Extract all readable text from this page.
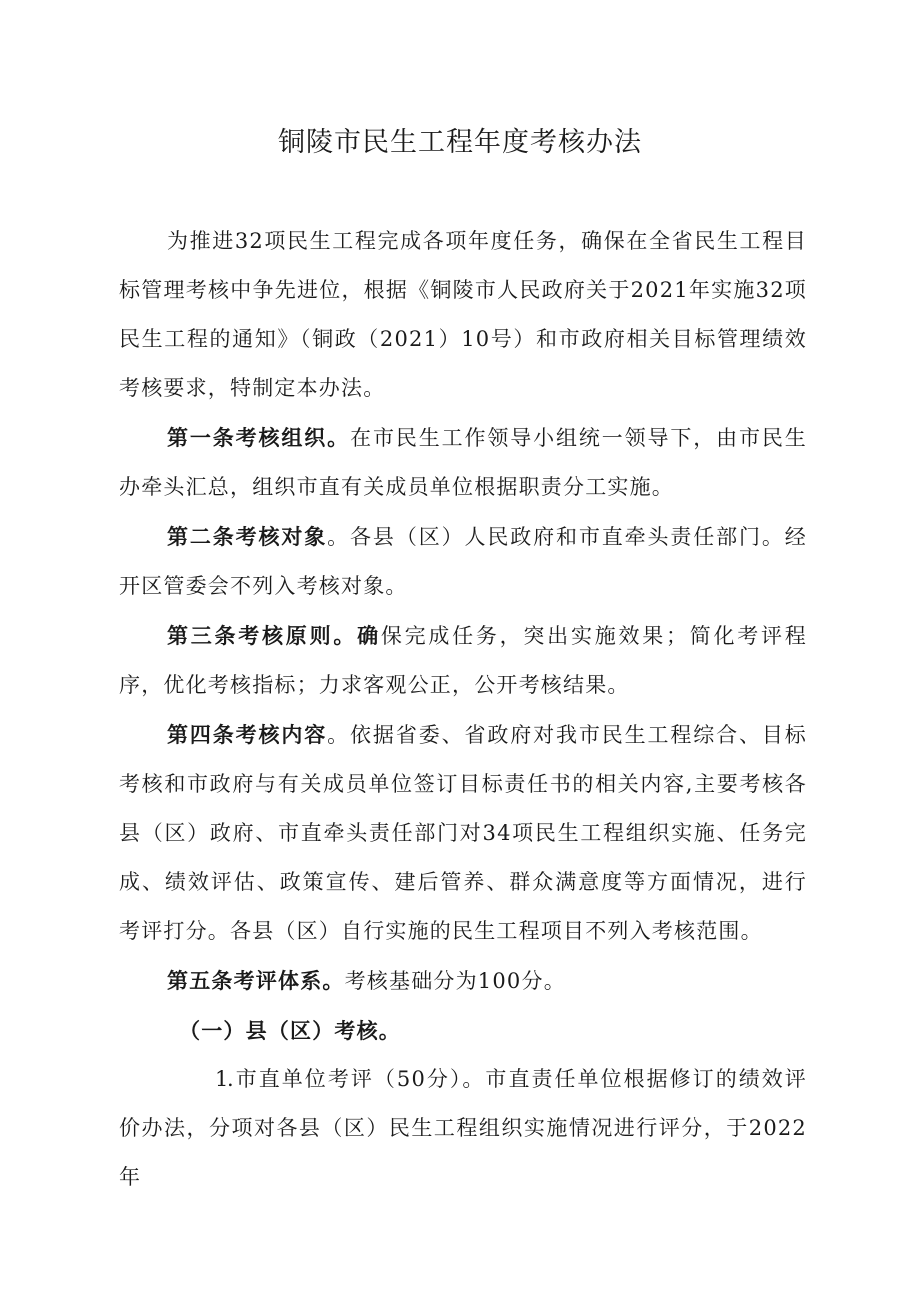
铜陵市民生工程年度考核办法

为推进32项民生工程完成各项年度任务，确保在全省民生工程目标管理考核中争先进位，根据《铜陵市人民政府关于2021年实施32项民生工程的通知》（铜政（2021）10号）和市政府相关目标管理绩效考核要求，特制定本办法。

第一条考核组织。在市民生工作领导小组统一领导下，由市民生办牵头汇总，组织市直有关成员单位根据职责分工实施。

第二条考核对象。各县（区）人民政府和市直牵头责任部门。经开区管委会不列入考核对象。

第三条考核原则。确保完成任务，突出实施效果；简化考评程序，优化考核指标；力求客观公正，公开考核结果。

第四条考核内容。依据省委、省政府对我市民生工程综合、目标考核和市政府与有关成员单位签订目标责任书的相关内容,主要考核各县（区）政府、市直牵头责任部门对34项民生工程组织实施、任务完成、绩效评估、政策宣传、建后管养、群众满意度等方面情况，进行考评打分。各县（区）自行实施的民生工程项目不列入考核范围。

第五条考评体系。考核基础分为100分。

（一）县（区）考核。

1.市直单位考评（50分）。市直责任单位根据修订的绩效评价办法，分项对各县（区）民生工程组织实施情况进行评分，于2022年
